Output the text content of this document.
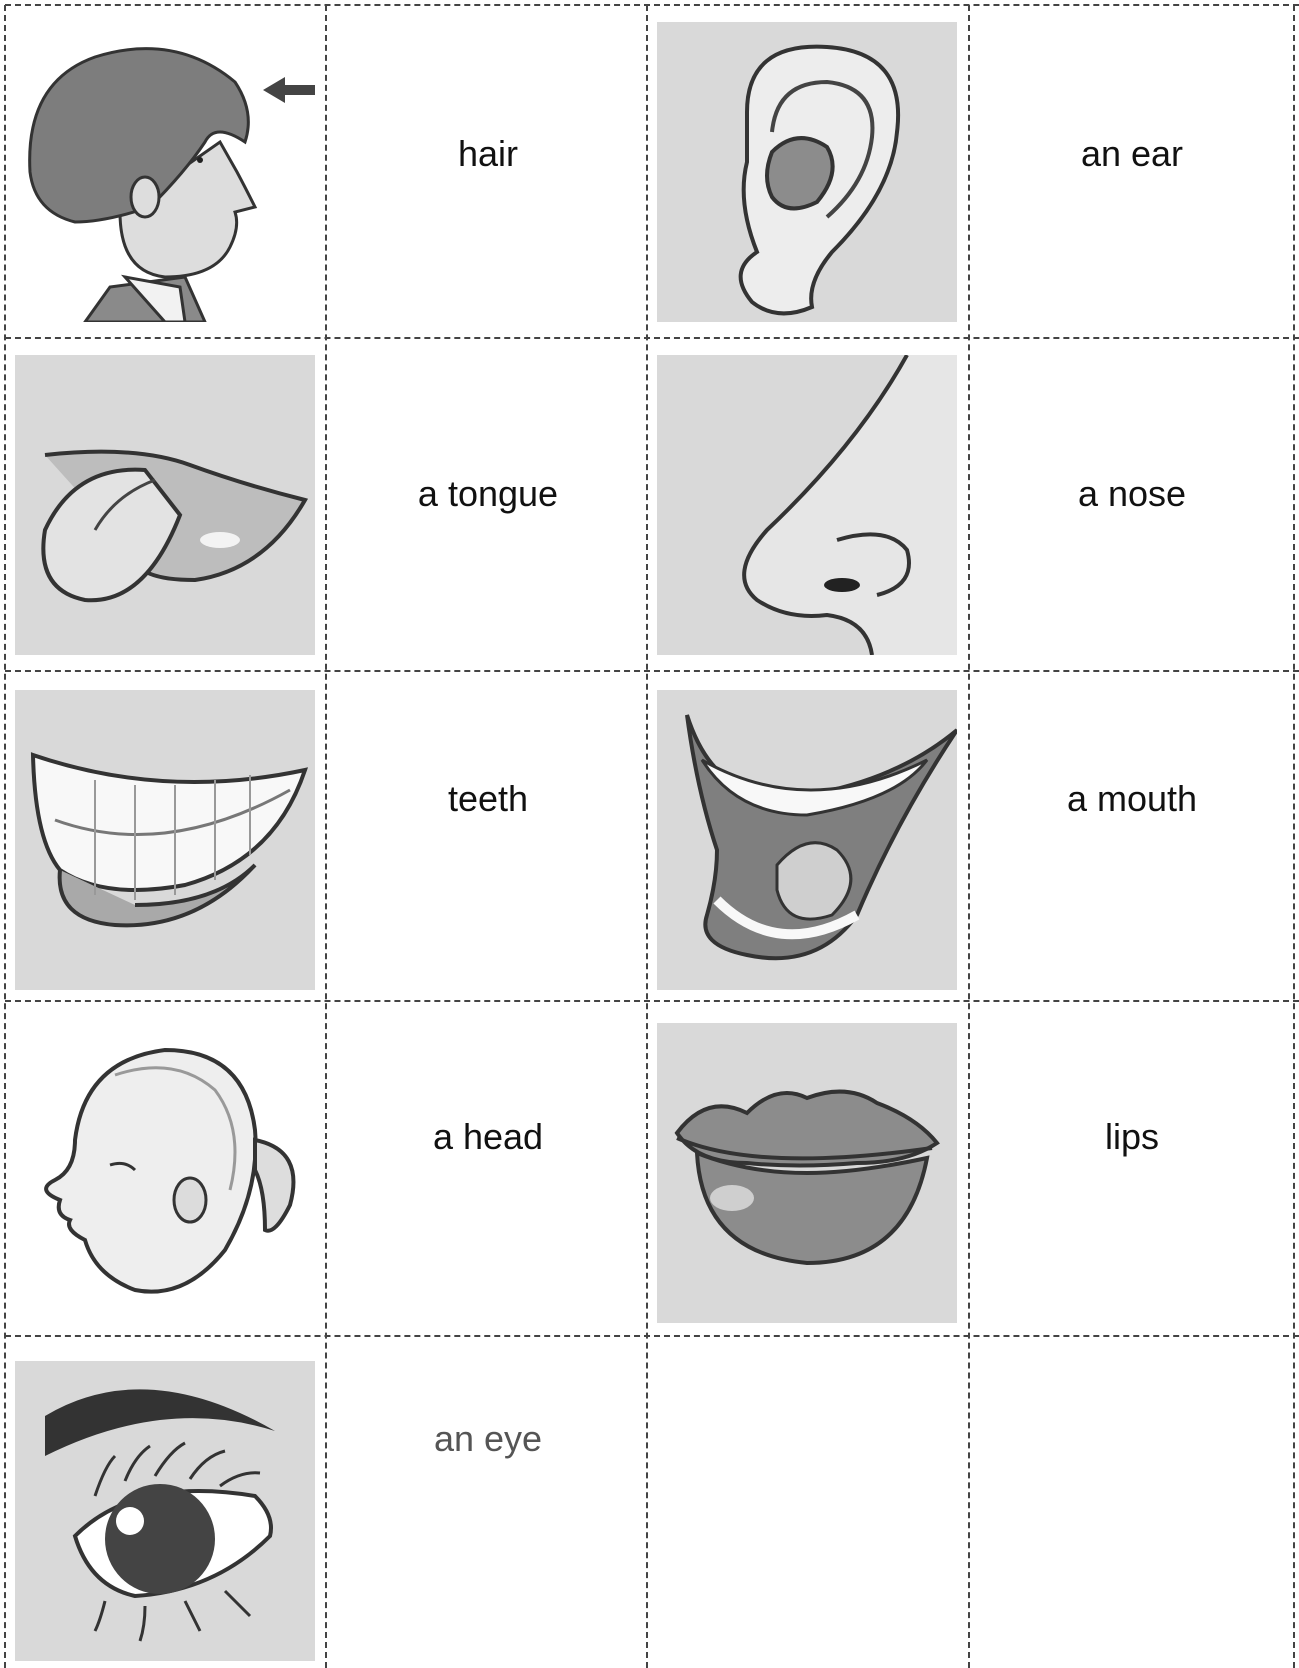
hair	an ear
a tongue	a nose
teeth	a mouth
a head	lips
an eye
